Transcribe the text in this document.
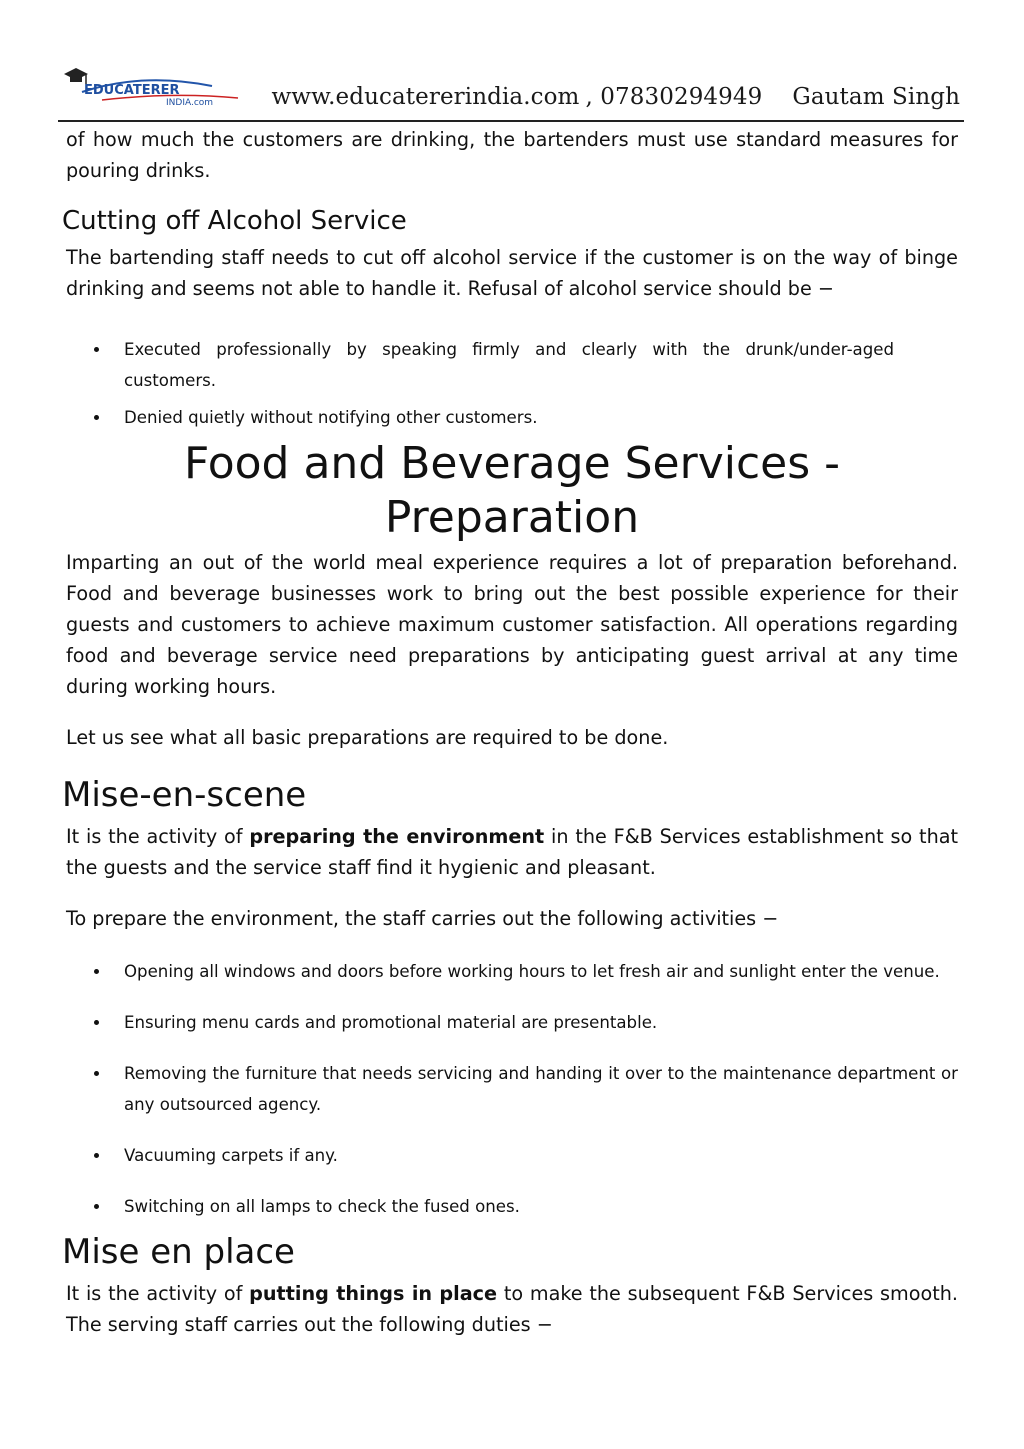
EDUCATERER
INDIA.com	www.educatererindia.com , 07830294949 Gautam Singh

of how much the customers are drinking, the bartenders must use standard measures for pouring drinks.

Cutting off Alcohol Service

The bartending staff needs to cut off alcohol service if the customer is on the way of binge drinking and seems not able to handle it. Refusal of alcohol service should be −

Executed professionally by speaking firmly and clearly with the drunk/under-aged customers.
Denied quietly without notifying other customers.
Food and Beverage Services - Preparation

Imparting an out of the world meal experience requires a lot of preparation beforehand. Food and beverage businesses work to bring out the best possible experience for their guests and customers to achieve maximum customer satisfaction. All operations regarding food and beverage service need preparations by anticipating guest arrival at any time during working hours.

Let us see what all basic preparations are required to be done.

Mise-en-scene

It is the activity of preparing the environment in the F&B Services establishment so that the guests and the service staff find it hygienic and pleasant.

To prepare the environment, the staff carries out the following activities −

Opening all windows and doors before working hours to let fresh air and sunlight enter the venue.
Ensuring menu cards and promotional material are presentable.
Removing the furniture that needs servicing and handing it over to the maintenance department or any outsourced agency.
Vacuuming carpets if any.
Switching on all lamps to check the fused ones.
Mise en place

It is the activity of putting things in place to make the subsequent F&B Services smooth. The serving staff carries out the following duties −
